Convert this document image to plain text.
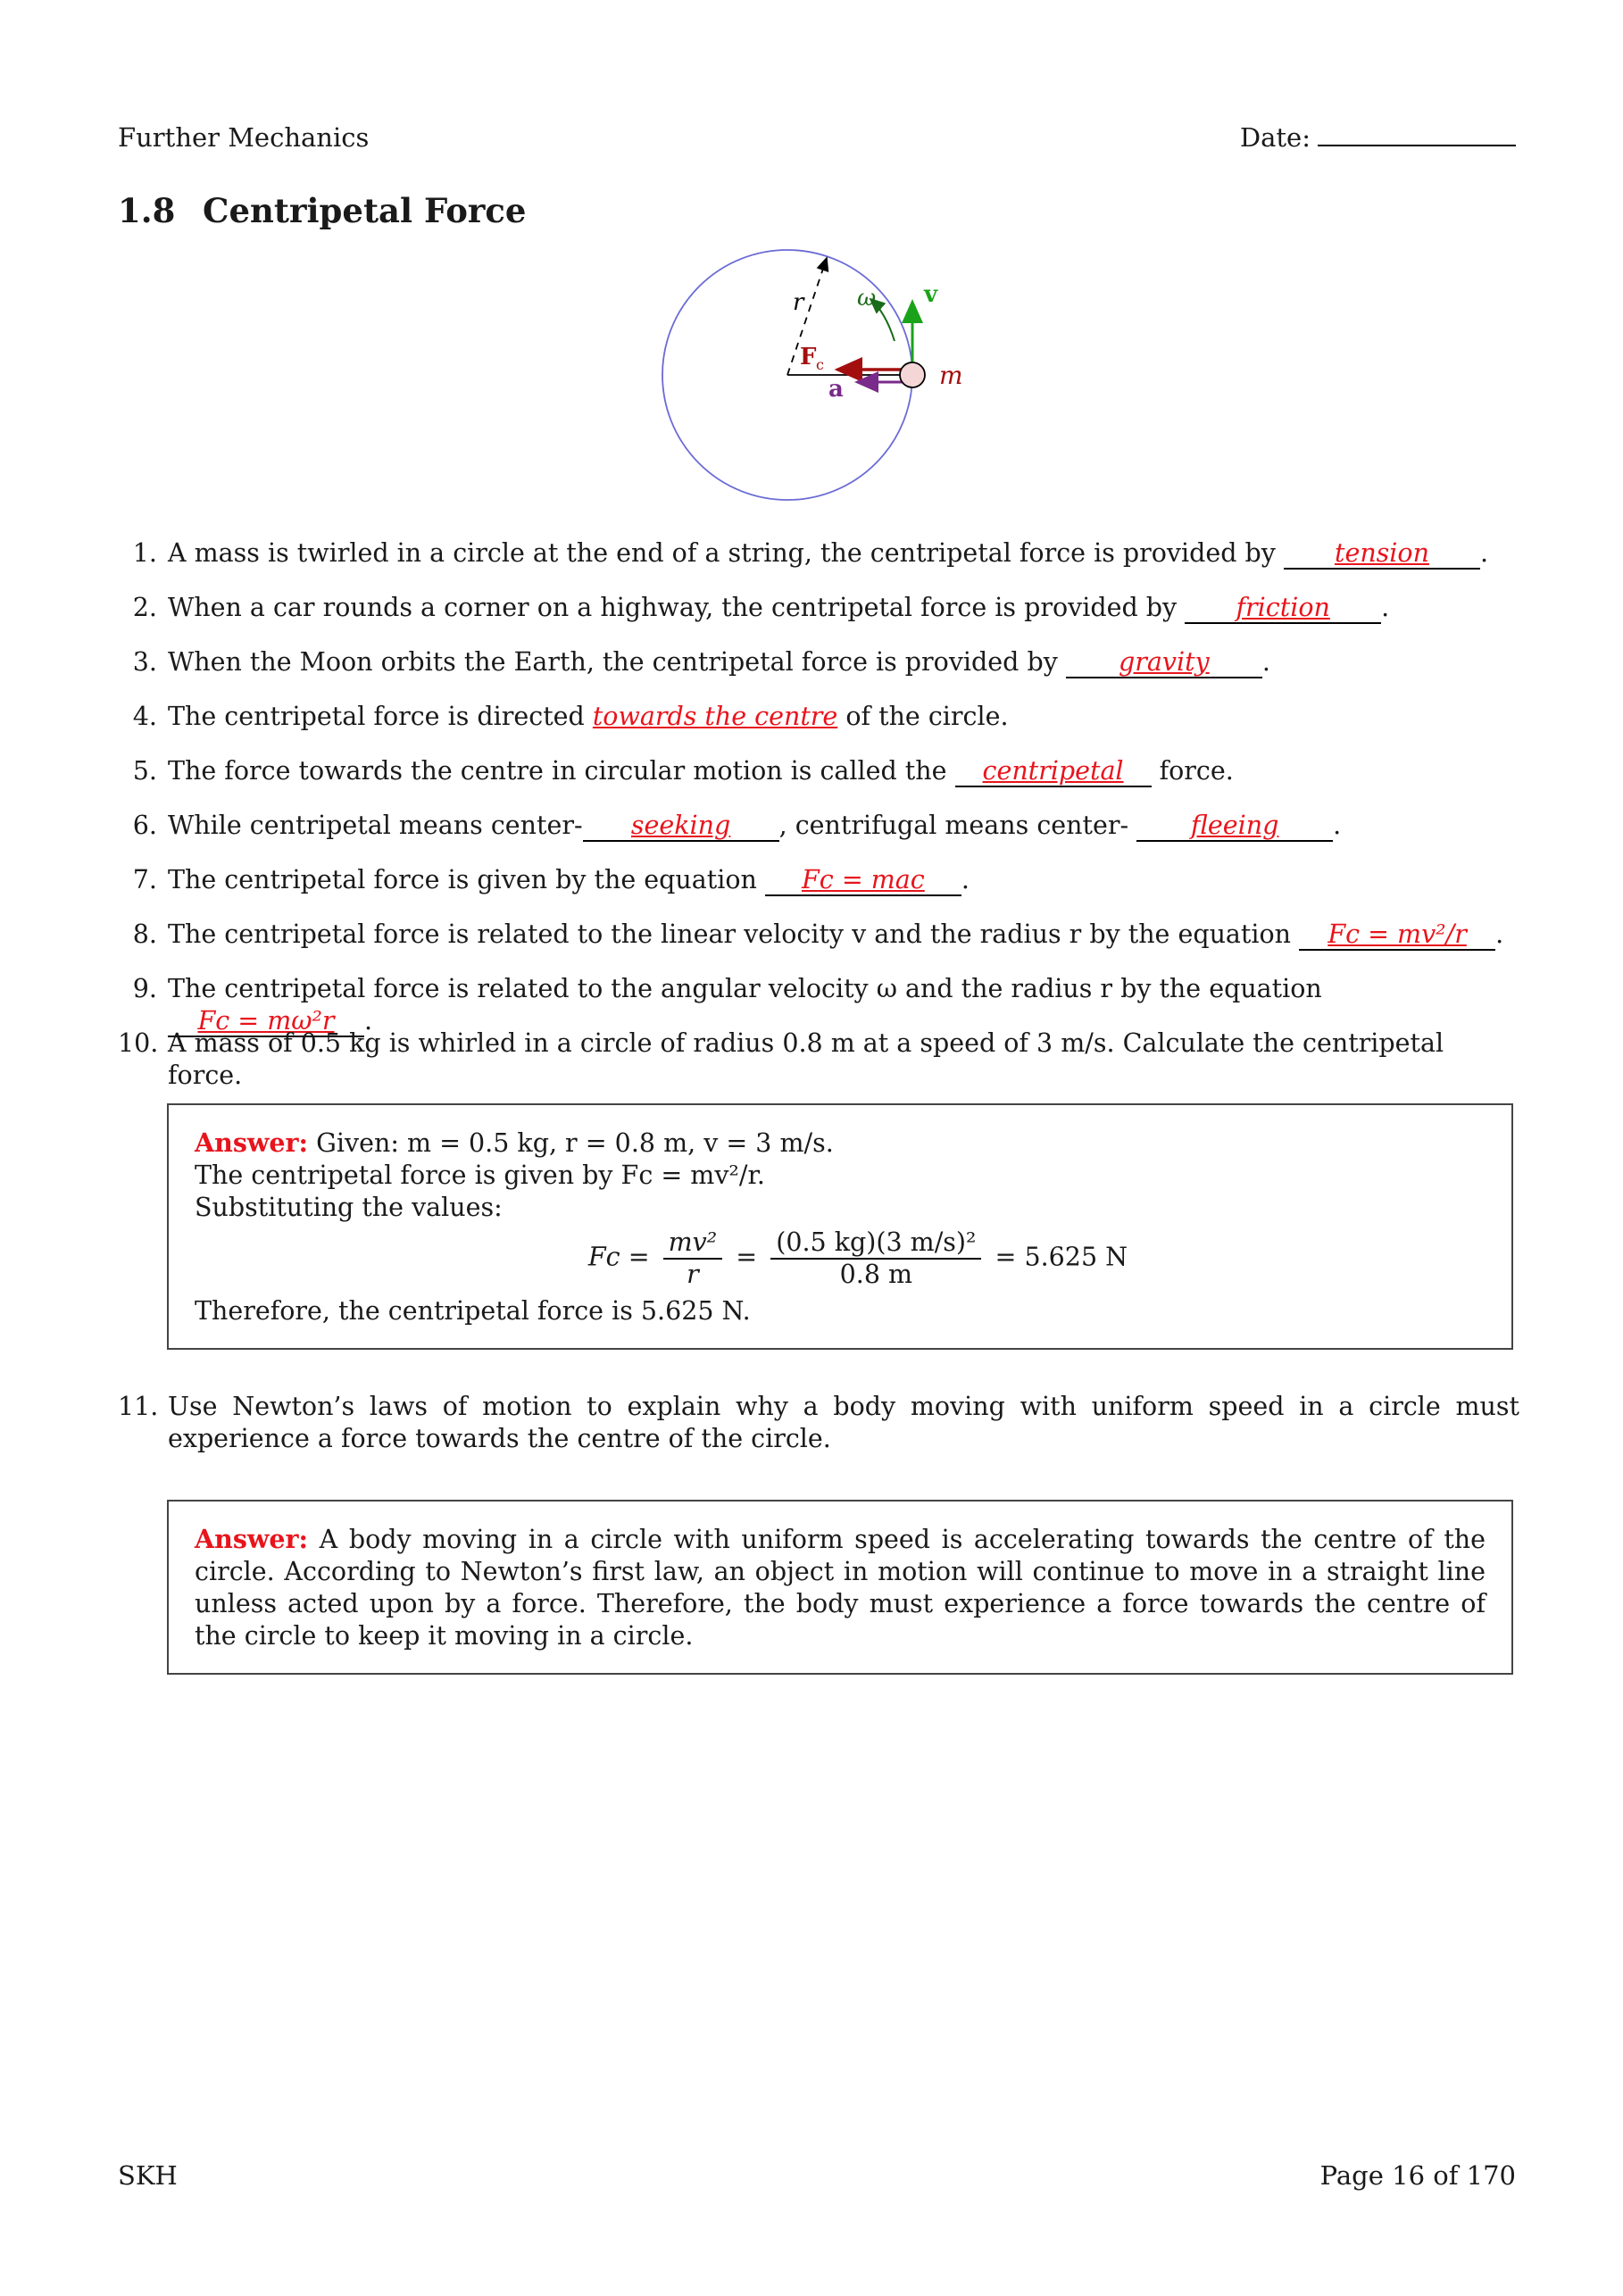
Further Mechanics	Date:
1.8 Centripetal Force
r ω v
F c
a	m
1. A mass is twirled in a circle at the end of a string, the centripetal force is provided by tension .
2. When a car rounds a corner on a highway, the centripetal force is provided by friction .
3. When the Moon orbits the Earth, the centripetal force is provided by gravity .
4. The centripetal force is directed towards the centre of the circle.
5. The force towards the centre in circular motion is called the centripetal force.
6. While centripetal means center- seeking , centrifugal means center- fleeing .
7. The centripetal force is given by the equation Fc = mac .
8. The centripetal force is related to the linear velocity v and the radius r by the equation Fc = mv²/r .
9. The centripetal force is related to the angular velocity ω and the radius r by the equation Fc = mω²r .
10. A mass of 0.5 kg is whirled in a circle of radius 0.8 m at a speed of 3 m/s. Calculate the centripetal force.
Answer: Given: m = 0.5 kg, r = 0.8 m, v = 3 m/s.
The centripetal force is given by Fc = mv²/r.
Substituting the values:
$Fc = \frac{\text{mv²}}{r} = \frac{\text{(0.5 kg)(3 m/s)²}}{0.8 m} = 5.625$ N
Therefore, the centripetal force is 5.625 N.
11. Use Newton’s laws of motion to explain why a body moving with uniform speed in a circle must experience a force towards the centre of the circle.
Answer: A body moving in a circle with uniform speed is accelerating towards the centre of the circle. According to Newton’s first law, an object in motion will continue to move in a straight line unless acted upon by a force. Therefore, the body must experience a force towards the centre of the circle to keep it moving in a circle.
SKH	Page 16 of 170
